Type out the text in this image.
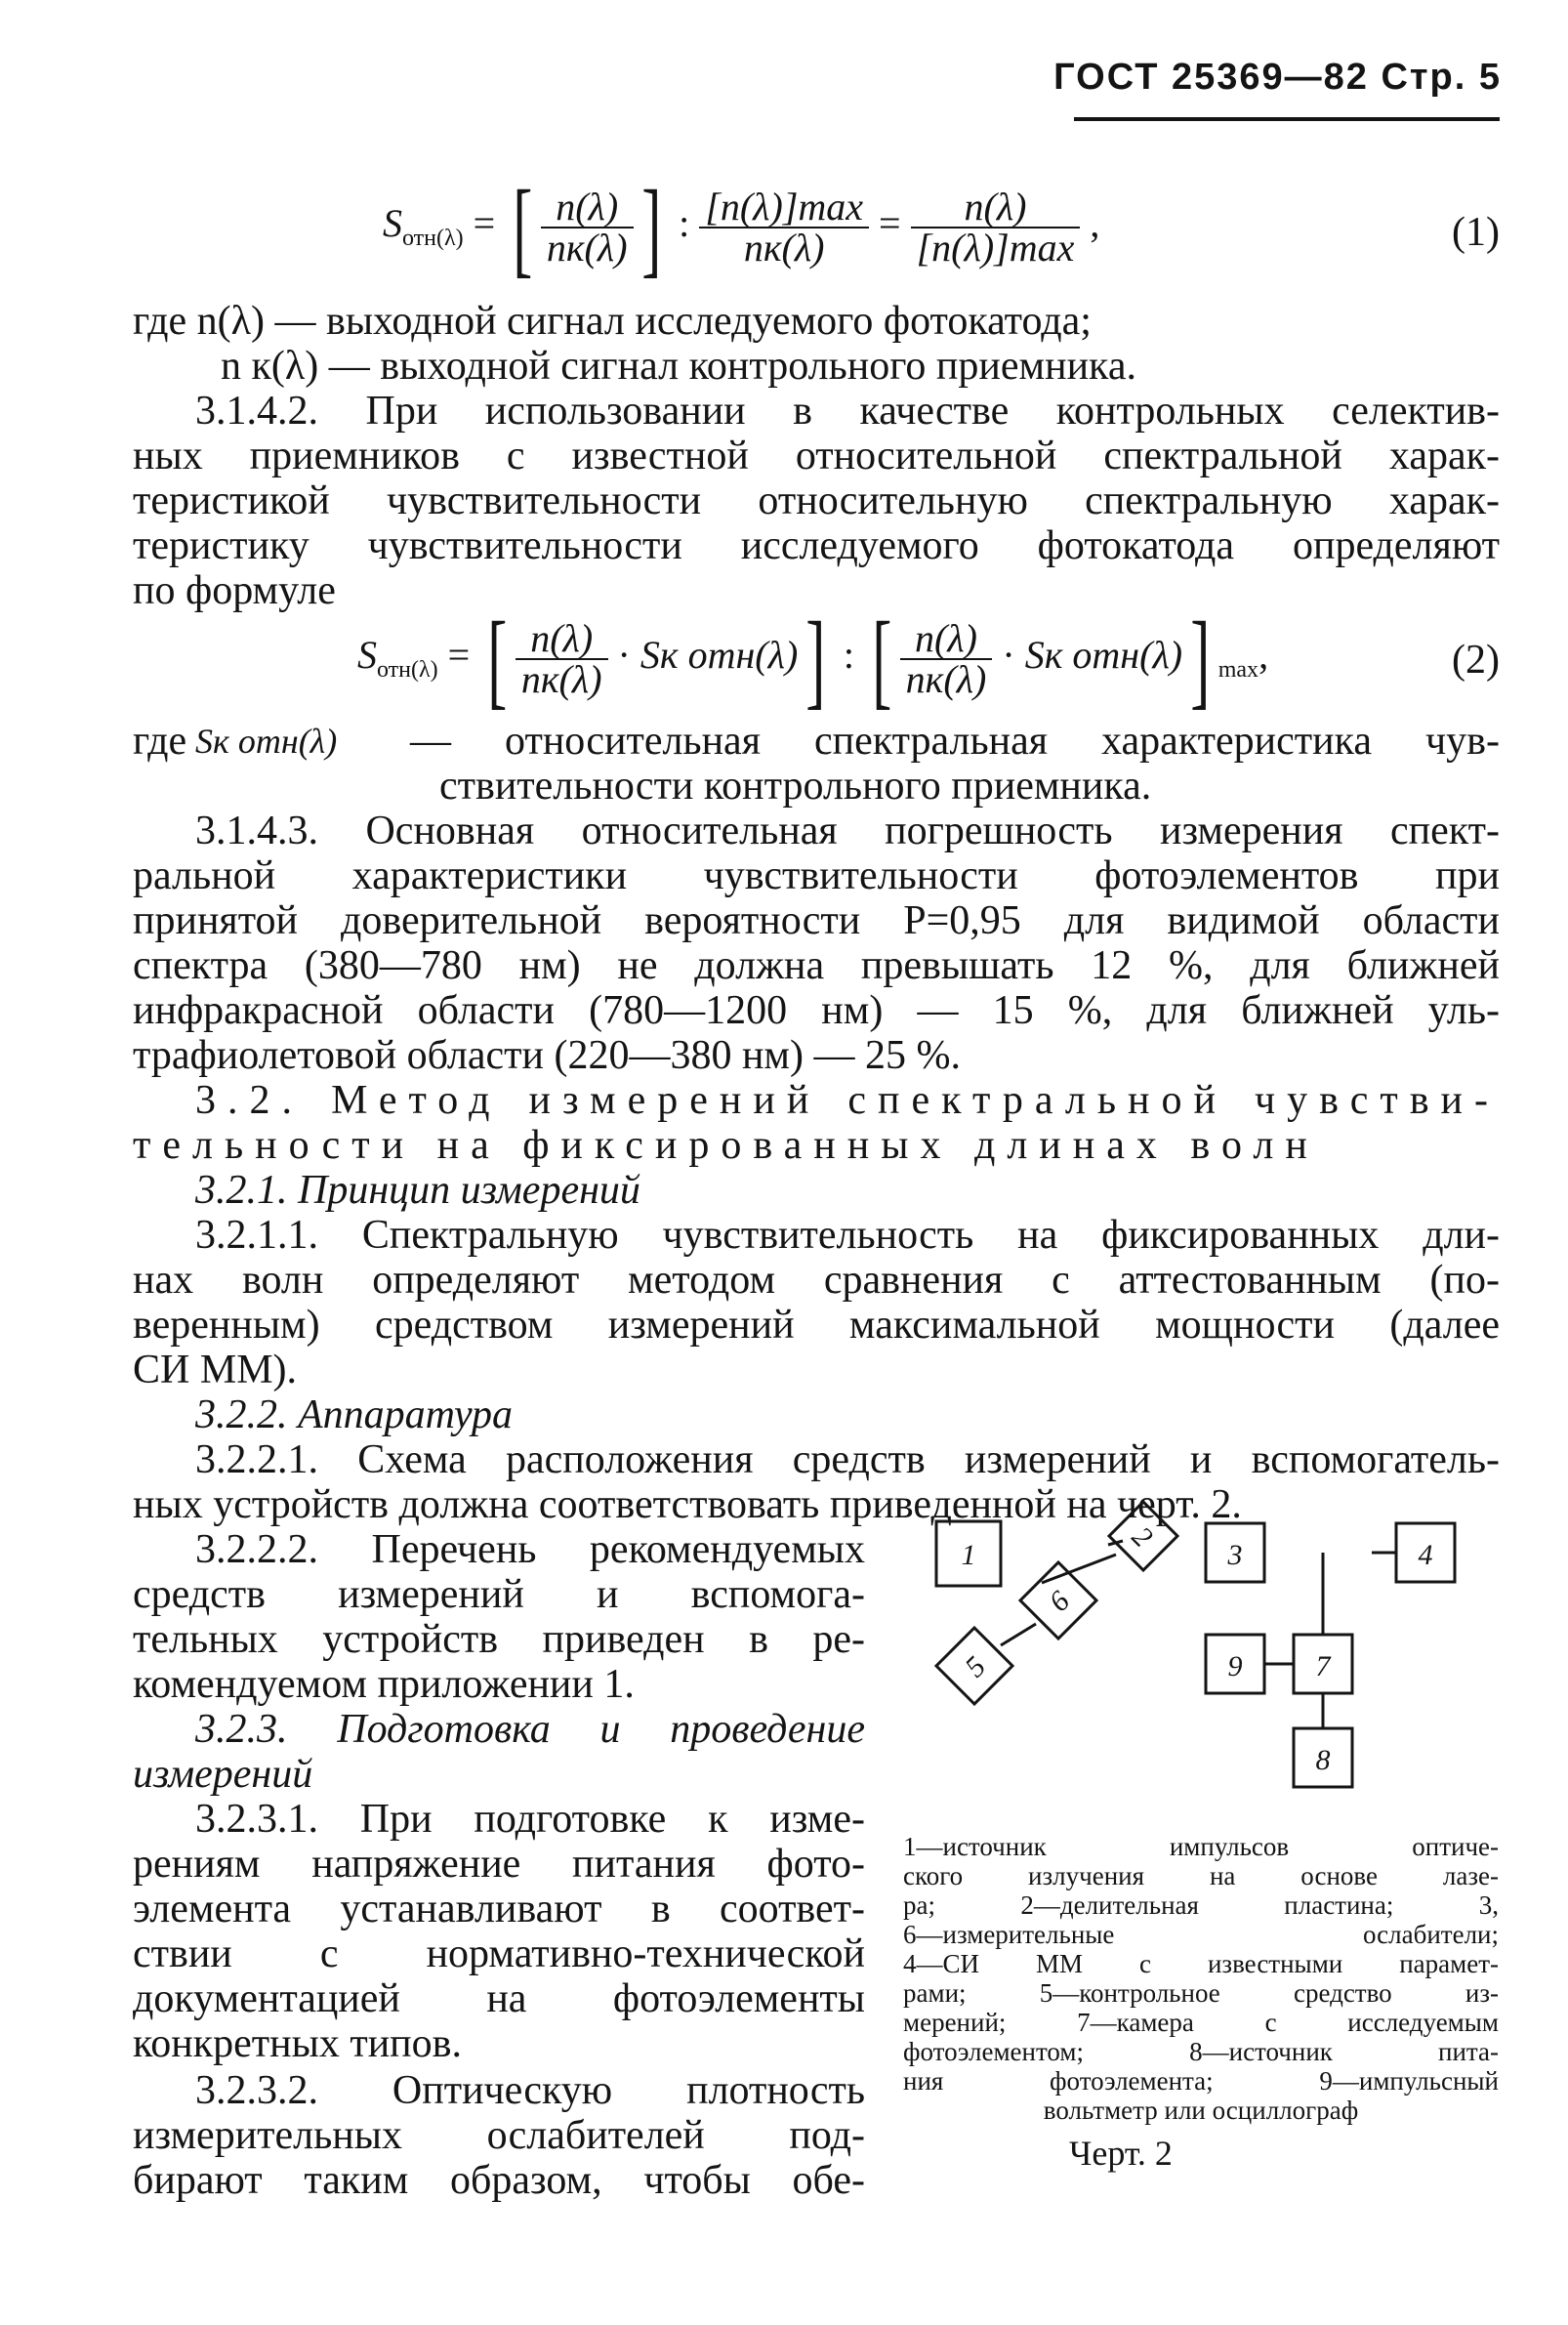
ГОСТ 25369—82 Стр. 5
$S_{отн(\lambda)}$ = [ $\frac{n(\lambda)}{nк(\lambda)}$ ] : $\frac{[n(\lambda)]\max}{nк(\lambda)} = \frac{n(\lambda)}{[n(\lambda)]\max}$ ,	(1)
где n(λ) — выходной сигнал исследуемого фотокатода;
n к(λ) — выходной сигнал контрольного приемника.
3.1.4.2. При использовании в качестве контрольных селектив-
ных приемников с известной относительной спектральной харак-
теристикой чувствительности относительную спектральную харак-
теристику чувствительности исследуемого фотокатода определяют
по формуле
$S_{отн(\lambda)}$ = [ $\frac{n(\lambda)}{nк(\lambda)}$ · Sк отн(λ)] : [ $\frac{n(\lambda)}{nк(\lambda)}$ · Sк отн(λ)] $_{max}$,	(2)
где Sк отн(λ)	— относительная спектральная характеристика чув-
ствительности контрольного приемника.
3.1.4.3. Основная относительная погрешность измерения спект-
ральной характеристики чувствительности фотоэлементов при
принятой доверительной вероятности P=0,95 для видимой области
спектра (380—780 нм) не должна превышать 12 %, для ближней
инфракрасной области (780—1200 нм) — 15 %, для ближней уль-
трафиолетовой области (220—380 нм) — 25 %.
3.2. Метод измерений спектральной чувстви-
тельности на фиксированных длинах волн
3.2.1. Принцип измерений
3.2.1.1. Спектральную чувствительность на фиксированных дли-
нах волн определяют методом сравнения с аттестованным (по-
веренным) средством измерений максимальной мощности (далее
СИ ММ).
3.2.2. Аппаратура
3.2.2.1. Схема расположения средств измерений и вспомогатель-
ных устройств должна соответствовать приведенной на черт. 2.
3.2.2.2. Перечень рекомендуемых
средств измерений и вспомога-
тельных устройств приведен в ре-
комендуемом приложении 1.
3.2.3. Подготовка и проведение
измерений
3.2.3.1. При подготовке к изме-
рениям напряжение питания фото-
элемента устанавливают в соответ-
ствии с нормативно-технической
документацией на фотоэлементы
конкретных типов.
3.2.3.2. Оптическую плотность
измерительных ослабителей под-
бирают таким образом, чтобы обе-
1
2
3	4
5
6
7
8
9
1—источник импульсов оптиче-
ского излучения на основе лазе-
ра; 2—делительная пластина; 3,
6—измерительные ослабители;
4—СИ ММ с известными парамет-
рами; 5—контрольное средство из-
мерений; 7—камера с исследуемым
фотоэлементом; 8—источник пита-
ния фотоэлемента; 9—импульсный
вольтметр или осциллограф
Черт. 2
